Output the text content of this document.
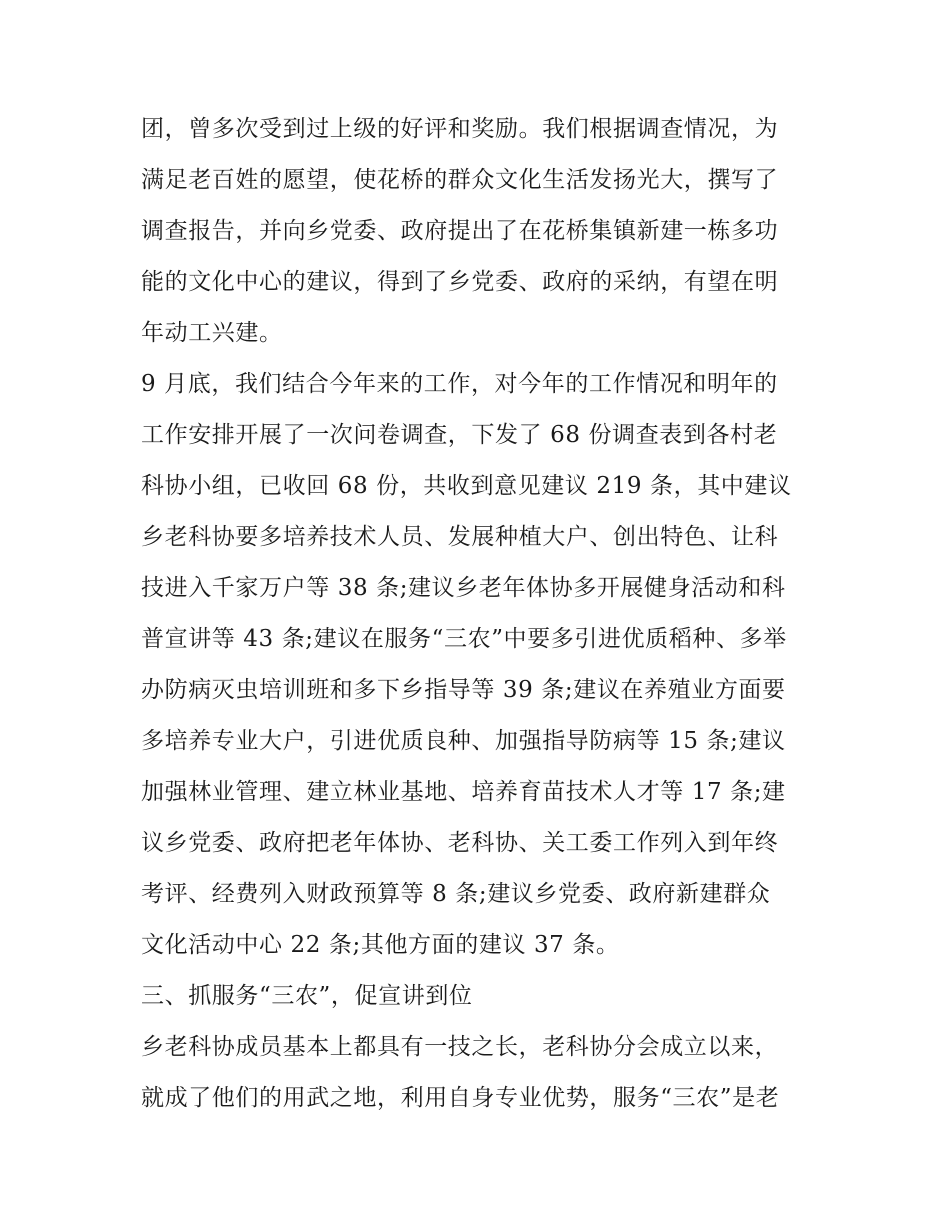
团，曾多次受到过上级的好评和奖励。我们根据调查情况，为
满足老百姓的愿望，使花桥的群众文化生活发扬光大，撰写了
调查报告，并向乡党委、政府提出了在花桥集镇新建一栋多功
能的文化中心的建议，得到了乡党委、政府的采纳，有望在明
年动工兴建。
9 月底，我们结合今年来的工作，对今年的工作情况和明年的
工作安排开展了一次问卷调查，下发了 68 份调查表到各村老
科协小组，已收回 68 份，共收到意见建议 219 条，其中建议
乡老科协要多培养技术人员、发展种植大户、创出特色、让科
技进入千家万户等 38 条;建议乡老年体协多开展健身活动和科
普宣讲等 43 条;建议在服务“三农”中要多引进优质稻种、多举
办防病灭虫培训班和多下乡指导等 39 条;建议在养殖业方面要
多培养专业大户，引进优质良种、加强指导防病等 15 条;建议
加强林业管理、建立林业基地、培养育苗技术人才等 17 条;建
议乡党委、政府把老年体协、老科协、关工委工作列入到年终
考评、经费列入财政预算等 8 条;建议乡党委、政府新建群众
文化活动中心 22 条;其他方面的建议 37 条。
三、抓服务“三农”，促宣讲到位
乡老科协成员基本上都具有一技之长，老科协分会成立以来，
就成了他们的用武之地，利用自身专业优势，服务“三农”是老
